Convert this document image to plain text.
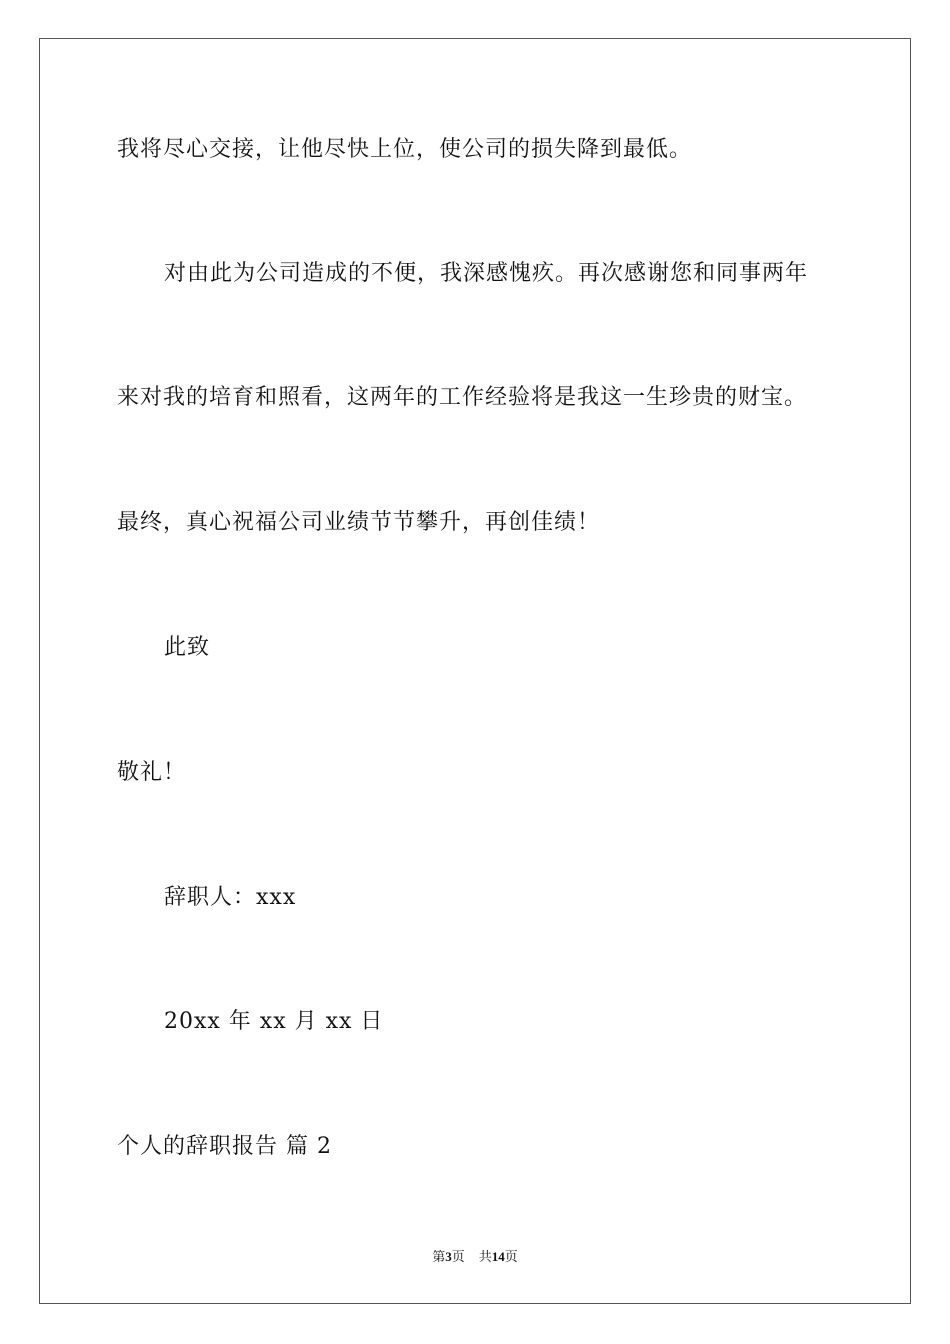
我将尽心交接，让他尽快上位，使公司的损失降到最低。
对由此为公司造成的不便，我深感愧疚。再次感谢您和同事两年
来对我的培育和照看，这两年的工作经验将是我这一生珍贵的财宝。
最终，真心祝福公司业绩节节攀升，再创佳绩！
此致
敬礼！
辞职人：xxx
20xx 年 xx 月 xx 日
个人的辞职报告 篇 2
第3页 共14页
